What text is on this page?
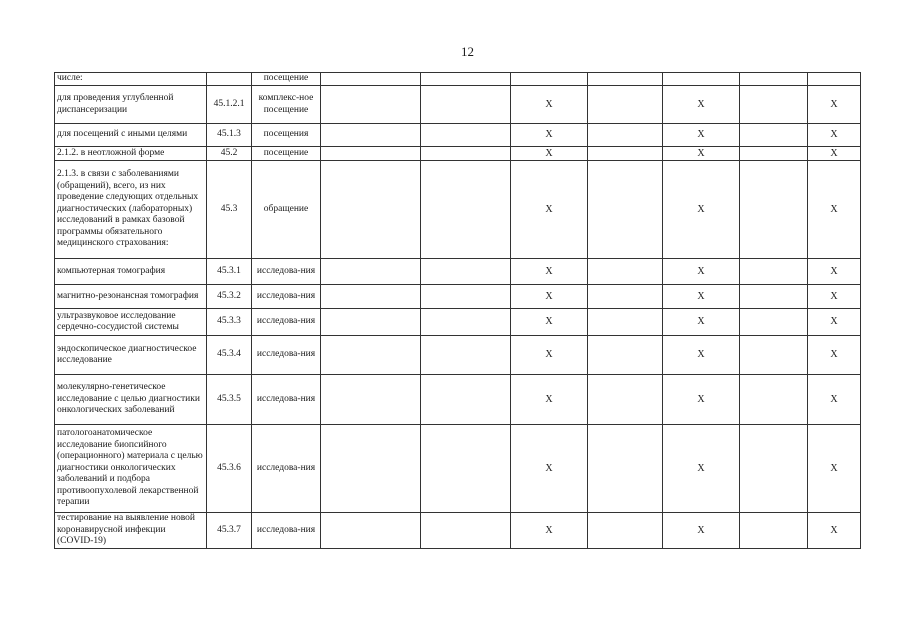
12
числе:		посещение							
для проведения углубленной диспансеризации	45.1.2.1	комплекс-ное посещение			X		X		X
для посещений с иными целями	45.1.3	посещения			X		X		X
2.1.2. в неотложной форме	45.2	посещение			X		X		X
2.1.3. в связи с заболеваниями (обращений), всего, из них проведение следующих отдельных диагностических (лабораторных) исследований в рамках базовой программы обязательного медицинского страхования:	45.3	обращение			X		X		X
компьютерная томография	45.3.1	исследова-ния			X		X		X
магнитно-резонансная томография	45.3.2	исследова-ния			X		X		X
ультразвуковое исследование сердечно-сосудистой системы	45.3.3	исследова-ния			X		X		X
эндоскопическое диагностическое исследование	45.3.4	исследова-ния			X		X		X
молекулярно-генетическое исследование с целью диагностики онкологических заболеваний	45.3.5	исследова-ния			X		X		X
патологоанатомическое исследование биопсийного (операционного) материала с целью диагностики онкологических заболеваний и подбора противоопухолевой лекарственной терапии	45.3.6	исследова-ния			X		X		X
тестирование на выявление новой коронавирусной инфекции (COVID-19)	45.3.7	исследова-ния			X		X		X
